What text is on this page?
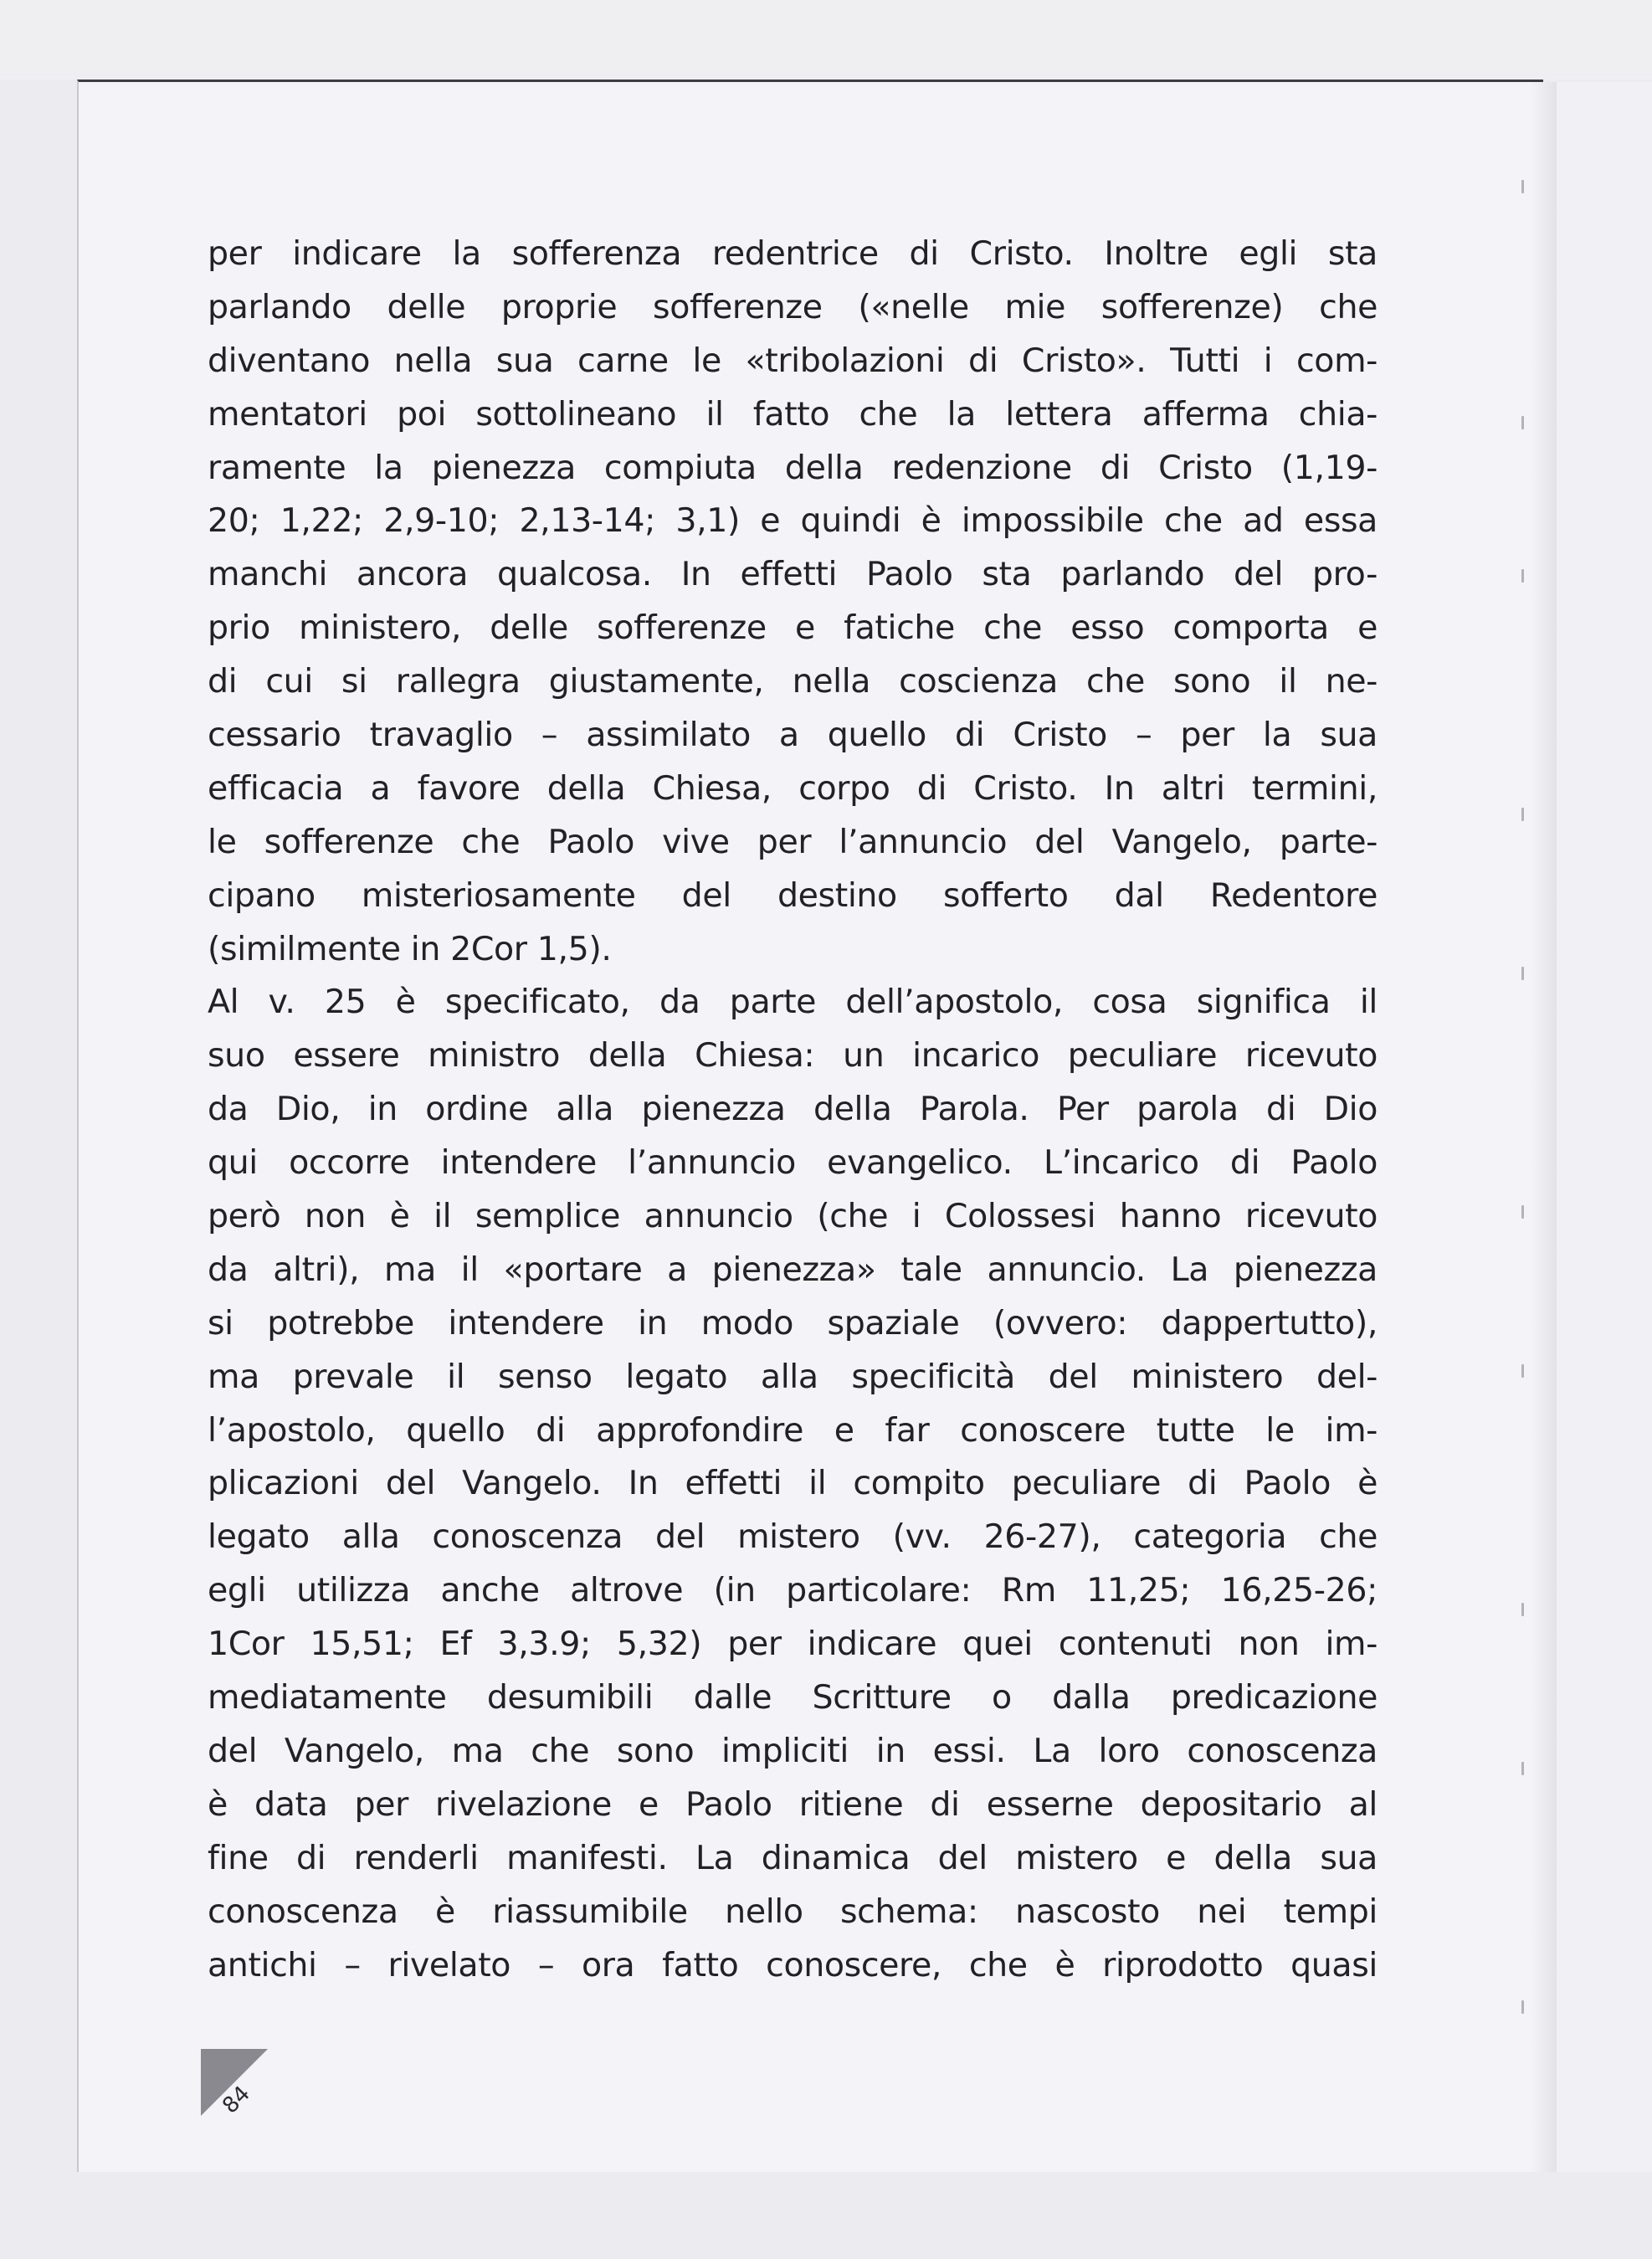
per indicare la sofferenza redentrice di Cristo. Inoltre egli sta
parlando delle proprie sofferenze («nelle mie sofferenze) che
diventano nella sua carne le «tribolazioni di Cristo». Tutti i com-
mentatori poi sottolineano il fatto che la lettera afferma chia-
ramente la pienezza compiuta della redenzione di Cristo (1,19-
20; 1,22; 2,9-10; 2,13-14; 3,1) e quindi è impossibile che ad essa
manchi ancora qualcosa. In effetti Paolo sta parlando del pro-
prio ministero, delle sofferenze e fatiche che esso comporta e
di cui si rallegra giustamente, nella coscienza che sono il ne-
cessario travaglio – assimilato a quello di Cristo – per la sua
efficacia a favore della Chiesa, corpo di Cristo. In altri termini,
le sofferenze che Paolo vive per l’annuncio del Vangelo, parte-
cipano misteriosamente del destino sofferto dal Redentore
(similmente in 2Cor 1,5).
Al v. 25 è specificato, da parte dell’apostolo, cosa significa il
suo essere ministro della Chiesa: un incarico peculiare ricevuto
da Dio, in ordine alla pienezza della Parola. Per parola di Dio
qui occorre intendere l’annuncio evangelico. L’incarico di Paolo
però non è il semplice annuncio (che i Colossesi hanno ricevuto
da altri), ma il «portare a pienezza» tale annuncio. La pienezza
si potrebbe intendere in modo spaziale (ovvero: dappertutto),
ma prevale il senso legato alla specificità del ministero del-
l’apostolo, quello di approfondire e far conoscere tutte le im-
plicazioni del Vangelo. In effetti il compito peculiare di Paolo è
legato alla conoscenza del mistero (vv. 26-27), categoria che
egli utilizza anche altrove (in particolare: Rm 11,25; 16,25-26;
1Cor 15,51; Ef 3,3.9; 5,32) per indicare quei contenuti non im-
mediatamente desumibili dalle Scritture o dalla predicazione
del Vangelo, ma che sono impliciti in essi. La loro conoscenza
è data per rivelazione e Paolo ritiene di esserne depositario al
fine di renderli manifesti. La dinamica del mistero e della sua
conoscenza è riassumibile nello schema: nascosto nei tempi
antichi – rivelato – ora fatto conoscere, che è riprodotto quasi
84
